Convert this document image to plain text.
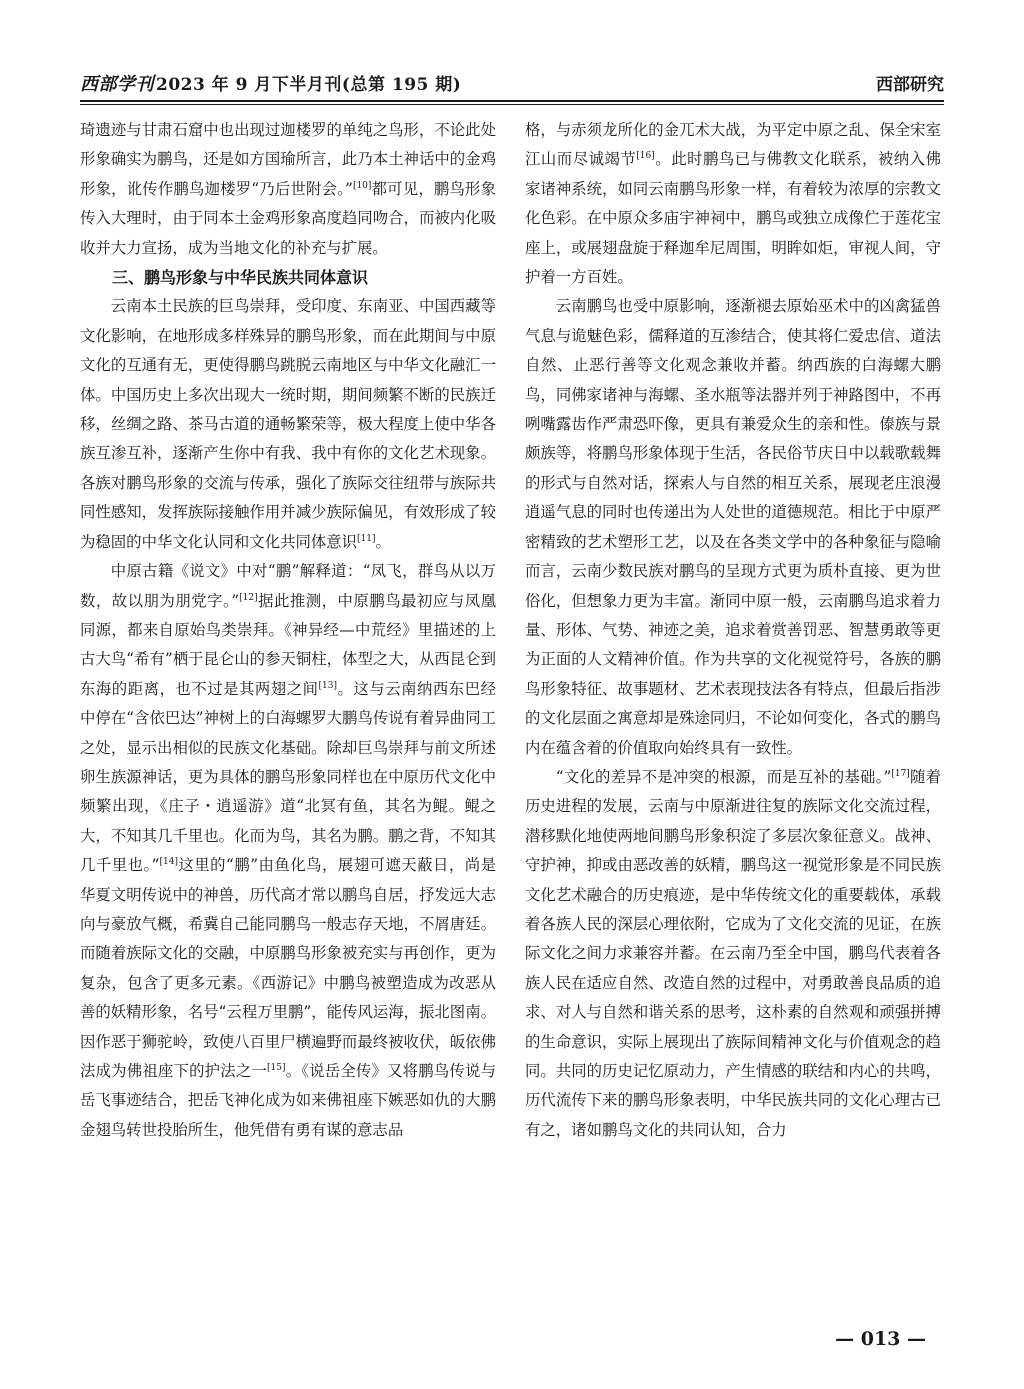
西部学刊 2023 年 9 月下半月刊(总第 195 期)	西部研究

琦遗迹与甘肃石窟中也出现过迦楼罗的单纯之鸟形，不论此处形象确实为鹏鸟，还是如方国瑜所言，此乃本土神话中的金鸡形象，讹传作鹏鸟迦楼罗“乃后世附会。”[10]都可见，鹏鸟形象传入大理时，由于同本土金鸡形象高度趋同吻合，而被内化吸收并大力宣扬，成为当地文化的补充与扩展。

三、鹏鸟形象与中华民族共同体意识

云南本土民族的巨鸟崇拜，受印度、东南亚、中国西藏等文化影响，在地形成多样殊异的鹏鸟形象，而在此期间与中原文化的互通有无，更使得鹏鸟跳脱云南地区与中华文化融汇一体。中国历史上多次出现大一统时期，期间频繁不断的民族迁移，丝绸之路、茶马古道的通畅繁荣等，极大程度上使中华各族互渗互补，逐渐产生你中有我、我中有你的文化艺术现象。各族对鹏鸟形象的交流与传承，强化了族际交往纽带与族际共同性感知，发挥族际接触作用并减少族际偏见，有效形成了较为稳固的中华文化认同和文化共同体意识[11]。

中原古籍《说文》中对“鹏”解释道：“凤飞，群鸟从以万数，故以朋为朋党字。”[12]据此推测，中原鹏鸟最初应与凤凰同源，都来自原始鸟类崇拜。《神异经—中荒经》里描述的上古大鸟“希有”栖于昆仑山的参天铜柱，体型之大，从西昆仑到东海的距离，也不过是其两翅之间[13]。这与云南纳西东巴经中停在“含依巴达”神树上的白海螺罗大鹏鸟传说有着异曲同工之处，显示出相似的民族文化基础。除却巨鸟崇拜与前文所述卵生族源神话，更为具体的鹏鸟形象同样也在中原历代文化中频繁出现，《庄子・逍遥游》道“北冥有鱼，其名为鲲。鲲之大，不知其几千里也。化而为鸟，其名为鹏。鹏之背，不知其几千里也。”[14]这里的“鹏”由鱼化鸟，展翅可遮天蔽日，尚是华夏文明传说中的神兽，历代高才常以鹏鸟自居，抒发远大志向与豪放气概，希冀自己能同鹏鸟一般志存天地，不屑唐廷。而随着族际文化的交融，中原鹏鸟形象被充实与再创作，更为复杂，包含了更多元素。《西游记》中鹏鸟被塑造成为改恶从善的妖精形象，名号“云程万里鹏”，能传风运海，振北图南。因作恶于狮驼岭，致使八百里尸横遍野而最终被收伏，皈依佛法成为佛祖座下的护法之一[15]。《说岳全传》又将鹏鸟传说与岳飞事迹结合，把岳飞神化成为如来佛祖座下嫉恶如仇的大鹏金翅鸟转世投胎所生，他凭借有勇有谋的意志品

格，与赤须龙所化的金兀术大战，为平定中原之乱、保全宋室江山而尽诚竭节[16]。此时鹏鸟已与佛教文化联系，被纳入佛家诸神系统，如同云南鹏鸟形象一样，有着较为浓厚的宗教文化色彩。在中原众多庙宇神祠中，鹏鸟或独立成像伫于莲花宝座上，或展翅盘旋于释迦牟尼周围，明眸如炬，审视人间，守护着一方百姓。

云南鹏鸟也受中原影响，逐渐褪去原始巫术中的凶禽猛兽气息与诡魅色彩，儒释道的互渗结合，使其将仁爱忠信、道法自然、止恶行善等文化观念兼收并蓄。纳西族的白海螺大鹏鸟，同佛家诸神与海螺、圣水瓶等法器并列于神路图中，不再咧嘴露齿作严肃恐吓像，更具有兼爱众生的亲和性。傣族与景颇族等，将鹏鸟形象体现于生活，各民俗节庆日中以载歌载舞的形式与自然对话，探索人与自然的相互关系，展现老庄浪漫逍遥气息的同时也传递出为人处世的道德规范。相比于中原严密精致的艺术塑形工艺，以及在各类文学中的各种象征与隐喻而言，云南少数民族对鹏鸟的呈现方式更为质朴直接、更为世俗化，但想象力更为丰富。渐同中原一般，云南鹏鸟追求着力量、形体、气势、神迹之美，追求着赏善罚恶、智慧勇敢等更为正面的人文精神价值。作为共享的文化视觉符号，各族的鹏鸟形象特征、故事题材、艺术表现技法各有特点，但最后指涉的文化层面之寓意却是殊途同归，不论如何变化，各式的鹏鸟内在蕴含着的价值取向始终具有一致性。

“文化的差异不是冲突的根源，而是互补的基础。”[17]随着历史进程的发展，云南与中原渐进往复的族际文化交流过程，潜移默化地使两地间鹏鸟形象积淀了多层次象征意义。战神、守护神，抑或由恶改善的妖精，鹏鸟这一视觉形象是不同民族文化艺术融合的历史痕迹，是中华传统文化的重要载体，承载着各族人民的深层心理依附，它成为了文化交流的见证，在族际文化之间力求兼容并蓄。在云南乃至全中国，鹏鸟代表着各族人民在适应自然、改造自然的过程中，对勇敢善良品质的追求、对人与自然和谐关系的思考，这朴素的自然观和顽强拼搏的生命意识，实际上展现出了族际间精神文化与价值观念的趋同。共同的历史记忆原动力，产生情感的联结和内心的共鸣，历代流传下来的鹏鸟形象表明，中华民族共同的文化心理古已有之，诸如鹏鸟文化的共同认知，合力

— 013 —
